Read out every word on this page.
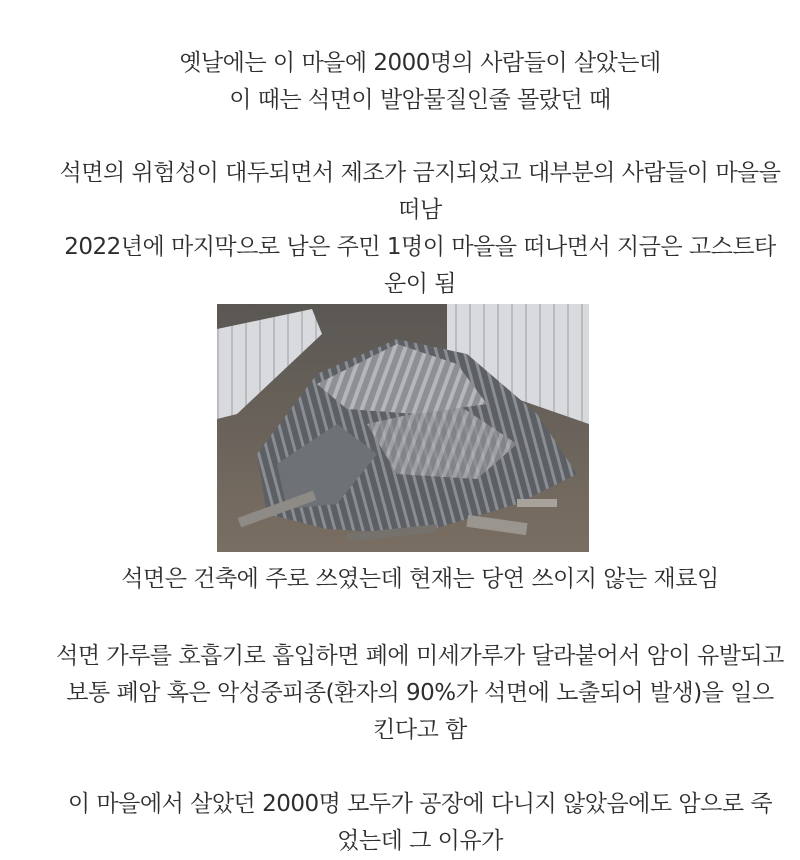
옛날에는 이 마을에 2000명의 사람들이 살았는데
이 때는 석면이 발암물질인줄 몰랐던 때
석면의 위험성이 대두되면서 제조가 금지되었고 대부분의 사람들이 마을을
떠남
2022년에 마지막으로 남은 주민 1명이 마을을 떠나면서 지금은 고스트타
운이 됨
석면은 건축에 주로 쓰였는데 현재는 당연 쓰이지 않는 재료임
석면 가루를 호흡기로 흡입하면 폐에 미세가루가 달라붙어서 암이 유발되고
보통 폐암 혹은 악성중피종(환자의 90%가 석면에 노출되어 발생)을 일으
킨다고 함
이 마을에서 살았던 2000명 모두가 공장에 다니지 않았음에도 암으로 죽
었는데 그 이유가
